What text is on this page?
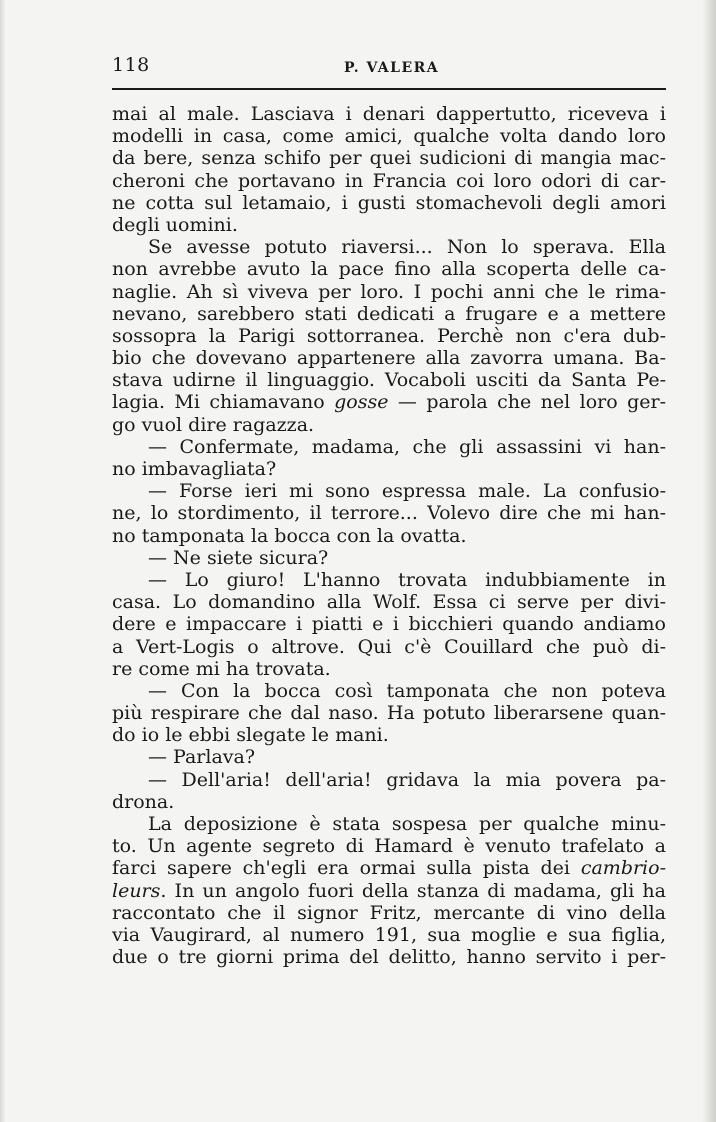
118	P. VALERA
mai al male. Lasciava i denari dappertutto, riceveva i
modelli in casa, come amici, qualche volta dando loro
da bere, senza schifo per quei sudicioni di mangia mac-
cheroni che portavano in Francia coi loro odori di car-
ne cotta sul letamaio, i gusti stomachevoli degli amori
degli uomini.
Se avesse potuto riaversi... Non lo sperava. Ella
non avrebbe avuto la pace fino alla scoperta delle ca-
naglie. Ah sì viveva per loro. I pochi anni che le rima-
nevano, sarebbero stati dedicati a frugare e a mettere
sossopra la Parigi sottorranea. Perchè non c'era dub-
bio che dovevano appartenere alla zavorra umana. Ba-
stava udirne il linguaggio. Vocaboli usciti da Santa Pe-
lagia. Mi chiamavano gosse — parola che nel loro ger-
go vuol dire ragazza.
— Confermate, madama, che gli assassini vi han-
no imbavagliata?
— Forse ieri mi sono espressa male. La confusio-
ne, lo stordimento, il terrore... Volevo dire che mi han-
no tamponata la bocca con la ovatta.
— Ne siete sicura?
— Lo giuro! L'hanno trovata indubbiamente in
casa. Lo domandino alla Wolf. Essa ci serve per divi-
dere e impaccare i piatti e i bicchieri quando andiamo
a Vert-Logis o altrove. Qui c'è Couillard che può di-
re come mi ha trovata.
— Con la bocca così tamponata che non poteva
più respirare che dal naso. Ha potuto liberarsene quan-
do io le ebbi slegate le mani.
— Parlava?
— Dell'aria! dell'aria! gridava la mia povera pa-
drona.
La deposizione è stata sospesa per qualche minu-
to. Un agente segreto di Hamard è venuto trafelato a
farci sapere ch'egli era ormai sulla pista dei cambrio-
leurs. In un angolo fuori della stanza di madama, gli ha
raccontato che il signor Fritz, mercante di vino della
via Vaugirard, al numero 191, sua moglie e sua figlia,
due o tre giorni prima del delitto, hanno servito i per-
